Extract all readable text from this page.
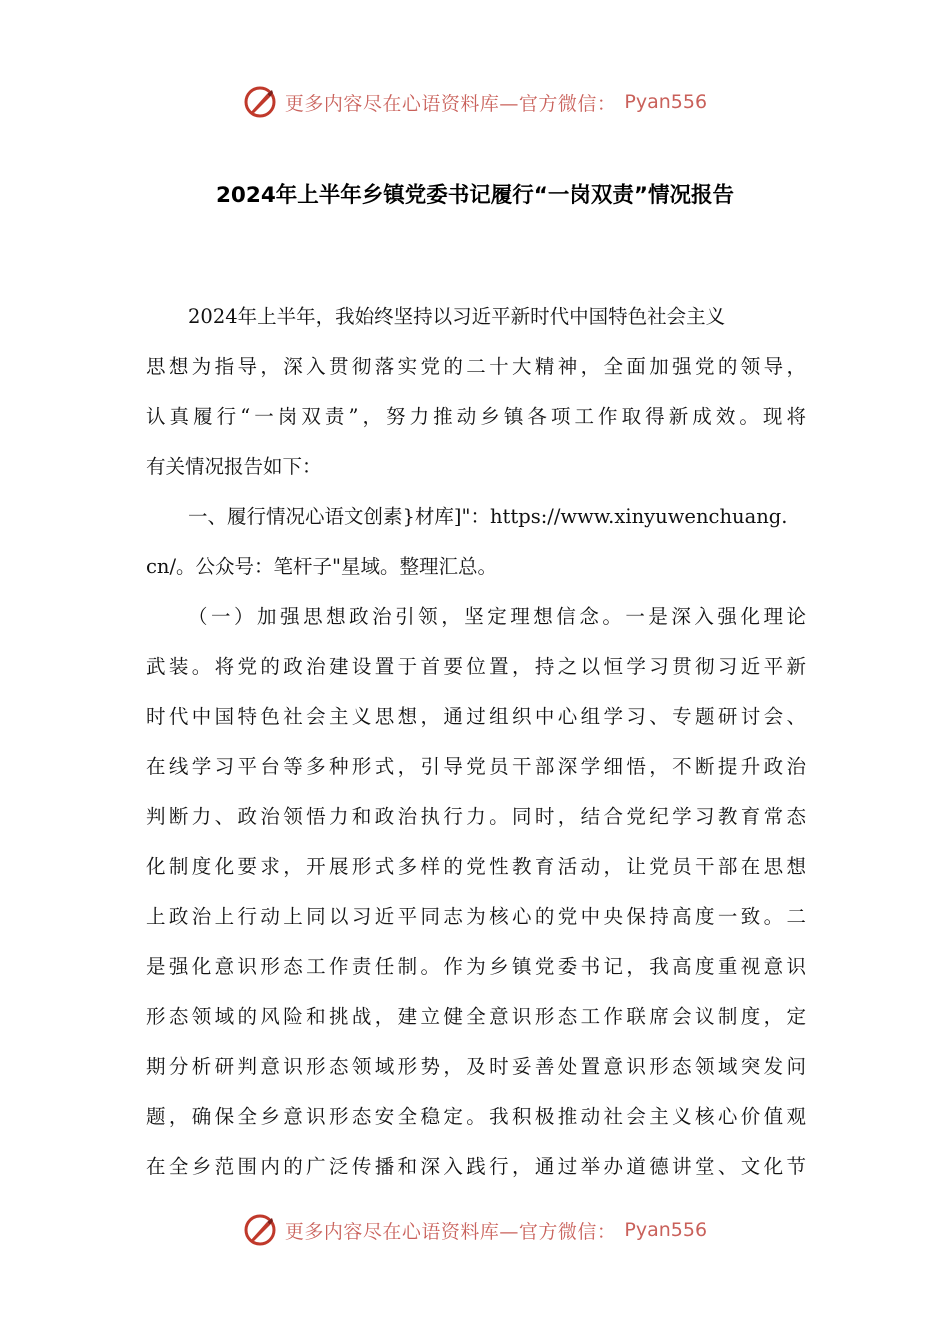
更多内容尽在心语资料库—官方微信： Pyan556
2024年上半年乡镇党委书记履行“一岗双责”情况报告

2024年上半年，我始终坚持以习近平新时代中国特色社会主义

思想为指导，深入贯彻落实党的二十大精神，全面加强党的领导，

认真履行“一岗双责”，努力推动乡镇各项工作取得新成效。现将

有关情况报告如下：

一、履行情况心语文创素}材库]"：https://www.xinyuwenchuang.

cn/。公众号：笔杆子"星域。整理汇总。

（一）加强思想政治引领，坚定理想信念。一是深入强化理论

武装。将党的政治建设置于首要位置，持之以恒学习贯彻习近平新

时代中国特色社会主义思想，通过组织中心组学习、专题研讨会、

在线学习平台等多种形式，引导党员干部深学细悟，不断提升政治

判断力、政治领悟力和政治执行力。同时，结合党纪学习教育常态

化制度化要求，开展形式多样的党性教育活动，让党员干部在思想

上政治上行动上同以习近平同志为核心的党中央保持高度一致。二

是强化意识形态工作责任制。作为乡镇党委书记，我高度重视意识

形态领域的风险和挑战，建立健全意识形态工作联席会议制度，定

期分析研判意识形态领域形势，及时妥善处置意识形态领域突发问

题，确保全乡意识形态安全稳定。我积极推动社会主义核心价值观

在全乡范围内的广泛传播和深入践行，通过举办道德讲堂、文化节

更多内容尽在心语资料库—官方微信： Pyan556
